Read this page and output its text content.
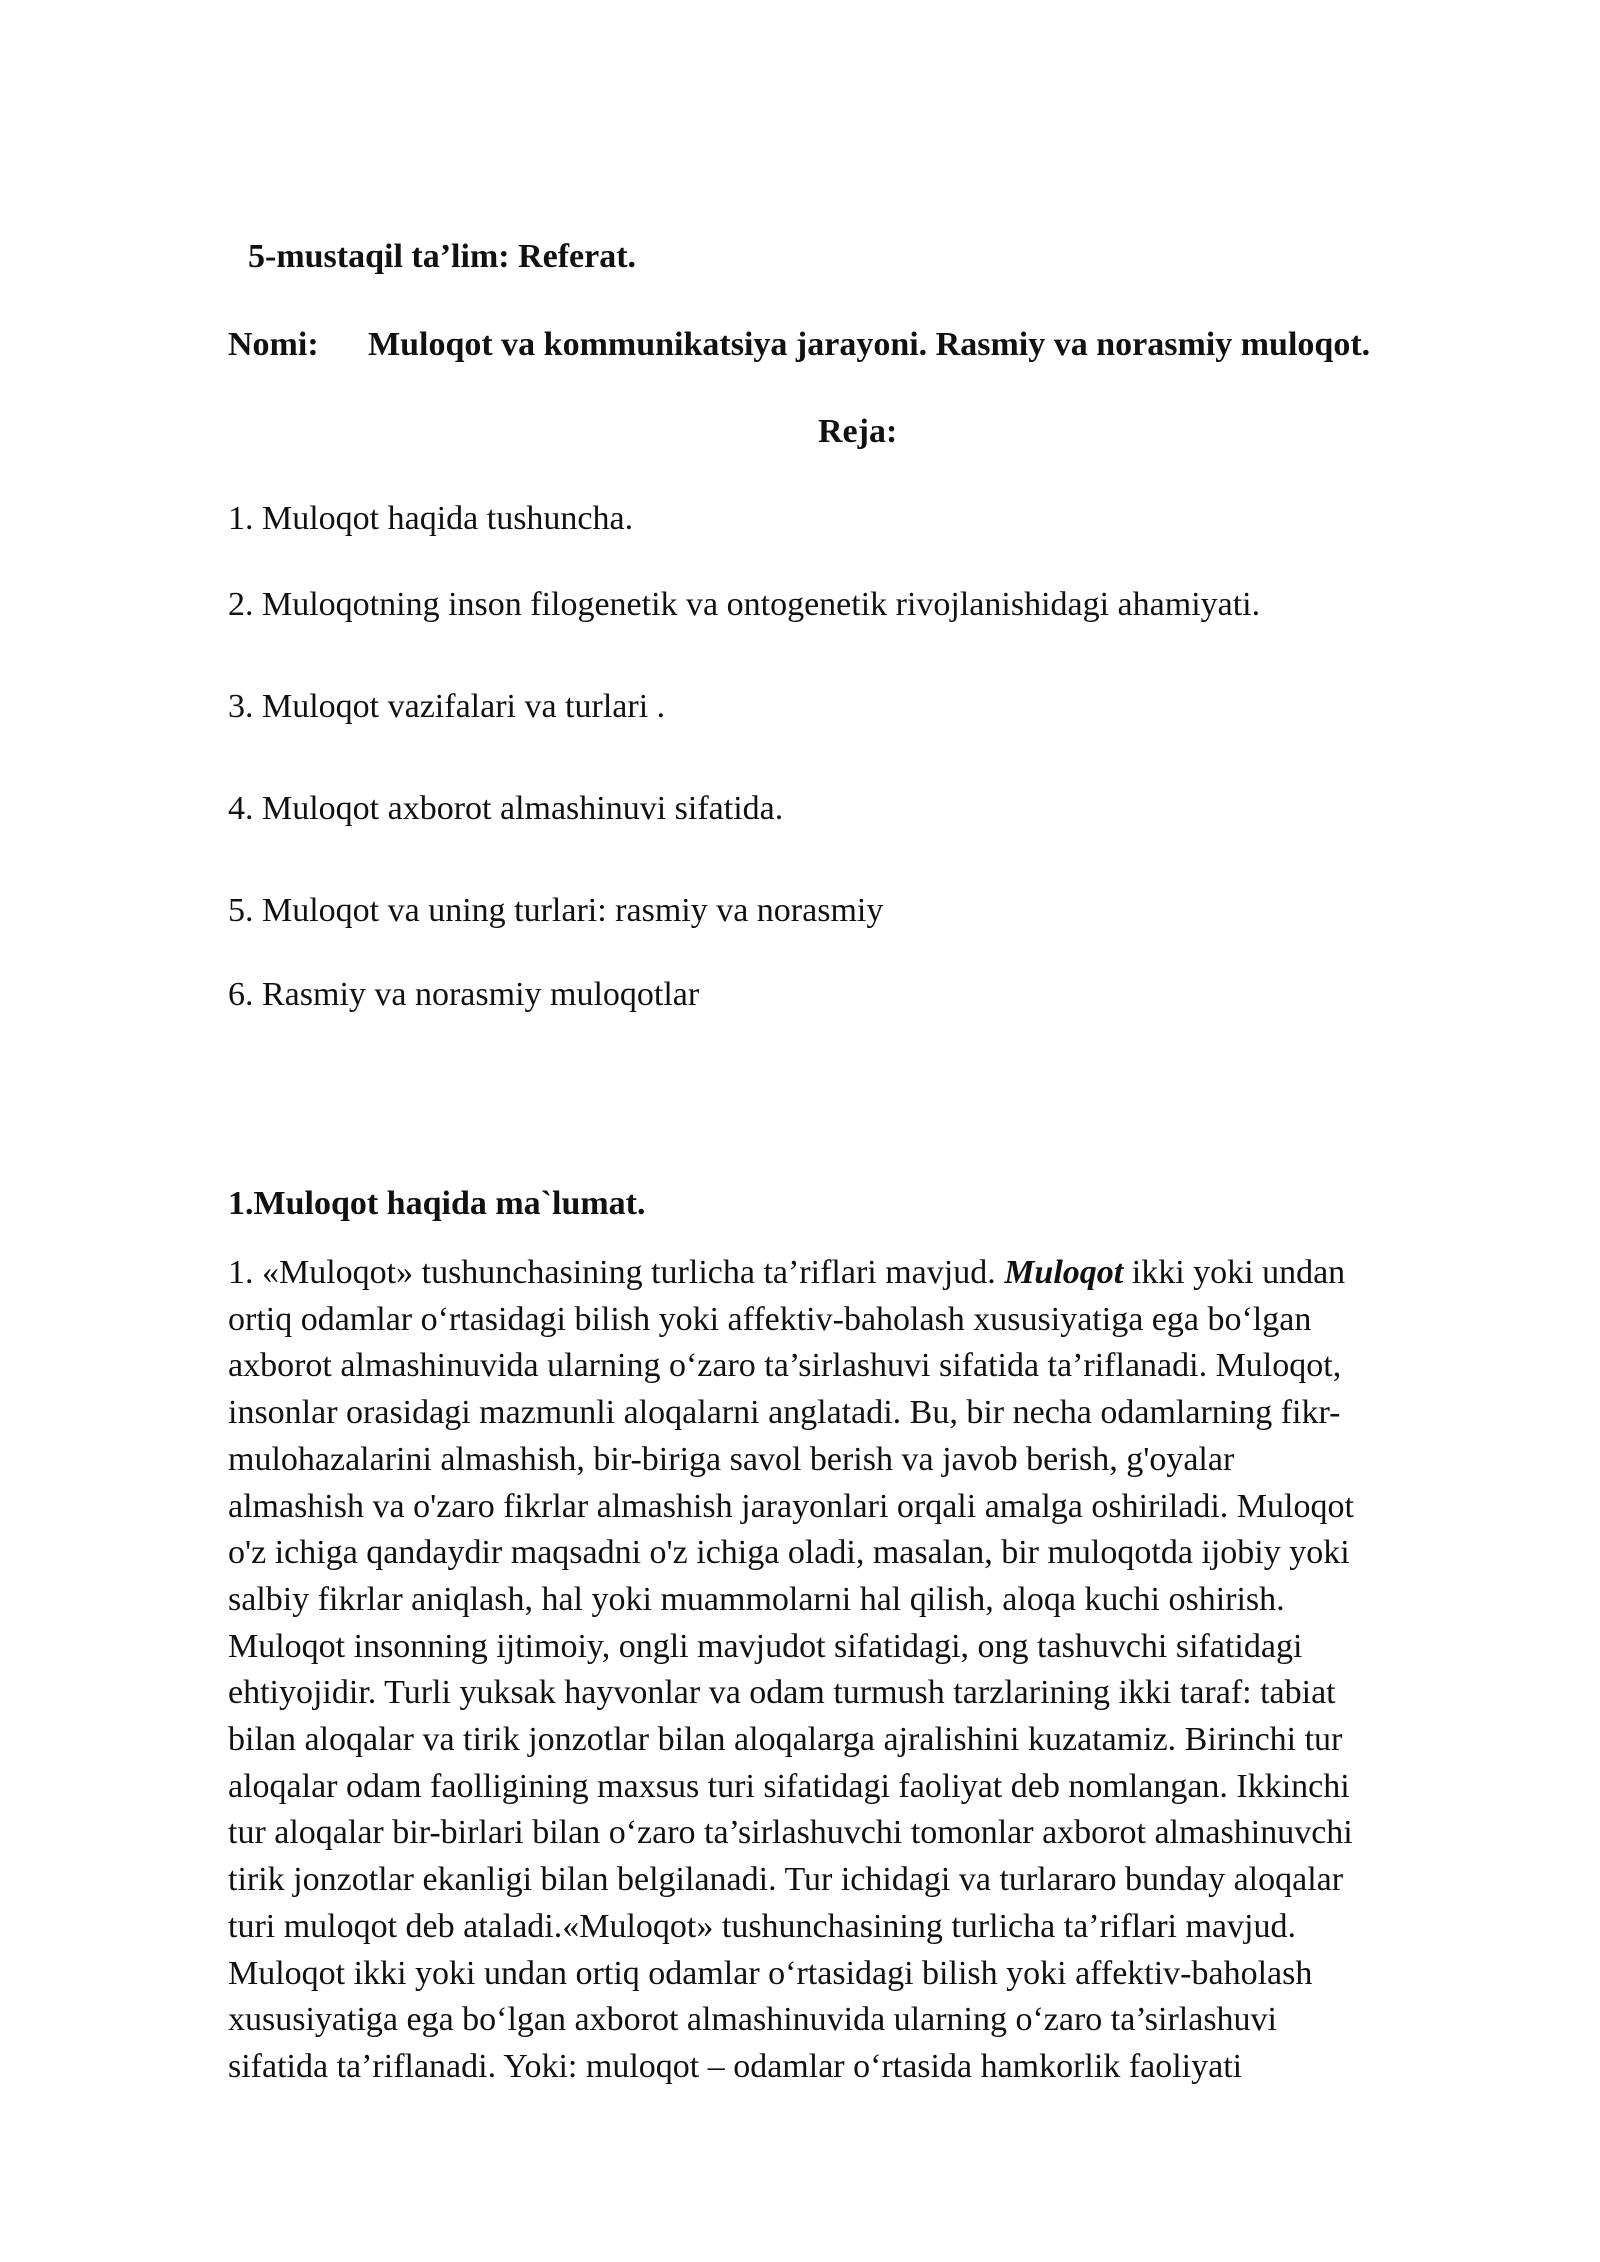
5-mustaqil ta’lim: Referat.
Nomi: Muloqot va kommunikatsiya jarayoni. Rasmiy va norasmiy muloqot.
Reja:
1. Muloqot haqida tushuncha.
2. Muloqotning inson filogenetik va ontogenetik rivojlanishidagi ahamiyati.
3. Muloqot vazifalari va turlari .
4. Muloqot axborot almashinuvi sifatida.
5. Muloqot va uning turlari: rasmiy va norasmiy
6. Rasmiy va norasmiy muloqotlar
1.Muloqot haqida ma`lumat.
1. «Muloqot» tushunchasining turlicha ta’riflari mavjud. Muloqot ikki yoki undan
ortiq odamlar o‘rtasidagi bilish yoki affektiv-baholash xususiyatiga ega bo‘lgan
axborot almashinuvida ularning o‘zaro ta’sirlashuvi sifatida ta’riflanadi. Muloqot,
insonlar orasidagi mazmunli aloqalarni anglatadi. Bu, bir necha odamlarning fikr-
mulohazalarini almashish, bir-biriga savol berish va javob berish, g'oyalar
almashish va o'zaro fikrlar almashish jarayonlari orqali amalga oshiriladi. Muloqot
o'z ichiga qandaydir maqsadni o'z ichiga oladi, masalan, bir muloqotda ijobiy yoki
salbiy fikrlar aniqlash, hal yoki muammolarni hal qilish, aloqa kuchi oshirish.
Muloqot insonning ijtimoiy, ongli mavjudot sifatidagi, ong tashuvchi sifatidagi
ehtiyojidir. Turli yuksak hayvonlar va odam turmush tarzlarining ikki taraf: tabiat
bilan aloqalar va tirik jonzotlar bilan aloqalarga ajralishini kuzatamiz. Birinchi tur
aloqalar odam faolligining maxsus turi sifatidagi faoliyat deb nomlangan. Ikkinchi
tur aloqalar bir-birlari bilan o‘zaro ta’sirlashuvchi tomonlar axborot almashinuvchi
tirik jonzotlar ekanligi bilan belgilanadi. Tur ichidagi va turlararo bunday aloqalar
turi muloqot deb ataladi.«Muloqot» tushunchasining turlicha ta’riflari mavjud.
Muloqot ikki yoki undan ortiq odamlar o‘rtasidagi bilish yoki affektiv-baholash
xususiyatiga ega bo‘lgan axborot almashinuvida ularning o‘zaro ta’sirlashuvi
sifatida ta’riflanadi. Yoki: muloqot – odamlar o‘rtasida hamkorlik faoliyati
